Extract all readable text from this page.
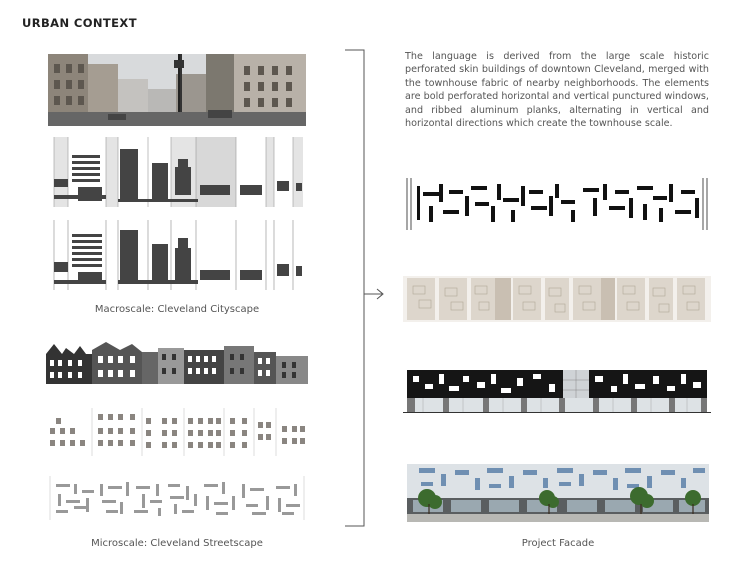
URBAN CONTEXT

The language is derived from the large scale historic perforated skin buildings of downtown Cleveland, merged with the townhouse fabric of nearby neighborhoods. The elements are bold perforated horizontal and vertical punctured windows, and ribbed aluminum planks, alternating in vertical and horizontal directions which create the townhouse scale.

Macroscale: Cleveland Cityscape
Microscale: Cleveland Streetscape	Project Facade
